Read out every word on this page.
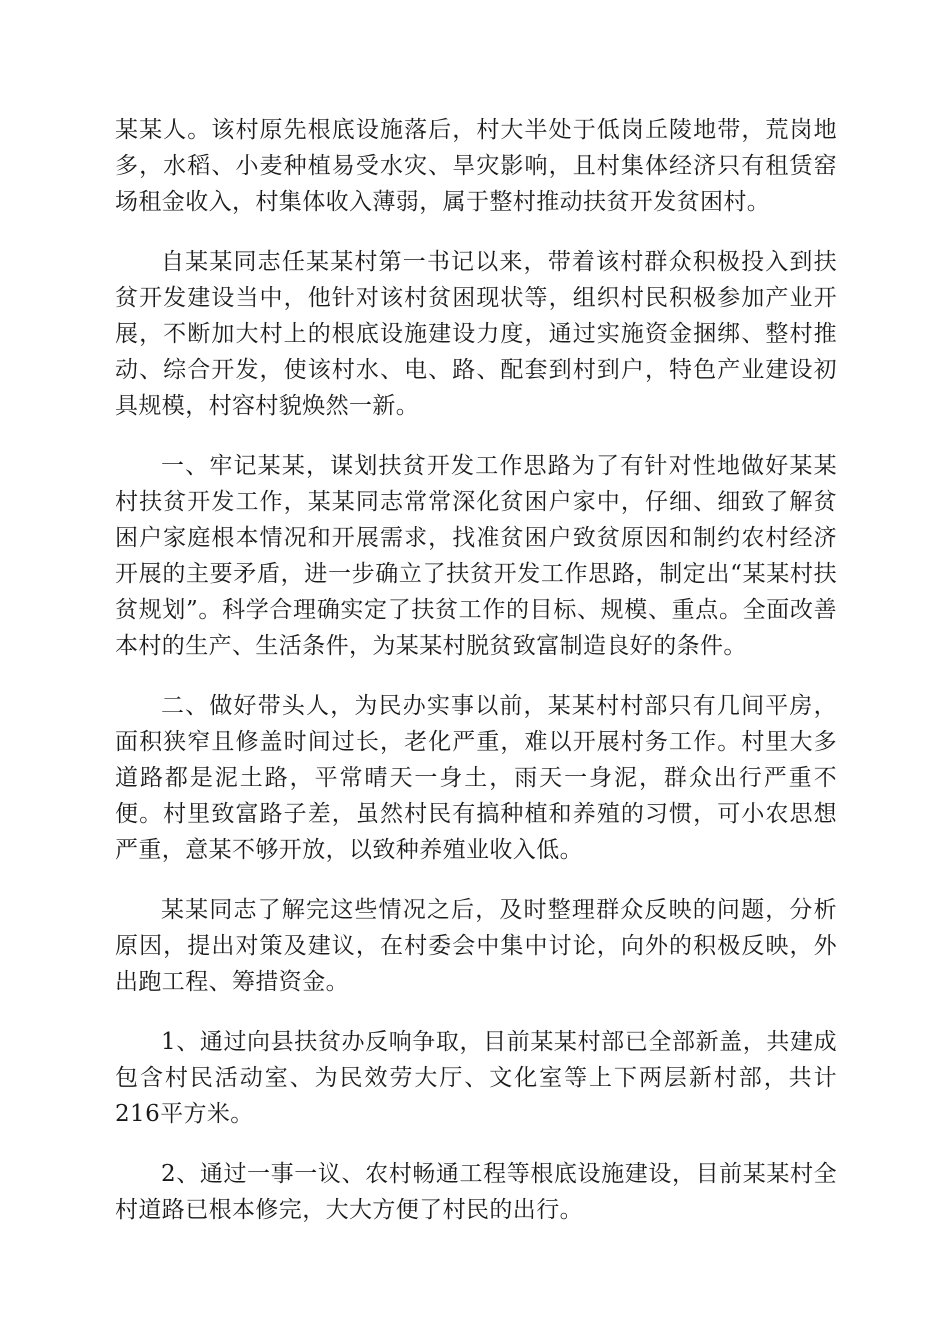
某某人。该村原先根底设施落后，村大半处于低岗丘陵地带，荒岗地多，水稻、小麦种植易受水灾、旱灾影响，且村集体经济只有租赁窑场租金收入，村集体收入薄弱，属于整村推动扶贫开发贫困村。

自某某同志任某某村第一书记以来，带着该村群众积极投入到扶贫开发建设当中，他针对该村贫困现状等，组织村民积极参加产业开展，不断加大村上的根底设施建设力度，通过实施资金捆绑、整村推动、综合开发，使该村水、电、路、配套到村到户，特色产业建设初具规模，村容村貌焕然一新。

一、牢记某某，谋划扶贫开发工作思路为了有针对性地做好某某村扶贫开发工作，某某同志常常深化贫困户家中，仔细、细致了解贫困户家庭根本情况和开展需求，找准贫困户致贫原因和制约农村经济开展的主要矛盾，进一步确立了扶贫开发工作思路，制定出“某某村扶贫规划”。科学合理确实定了扶贫工作的目标、规模、重点。全面改善本村的生产、生活条件，为某某村脱贫致富制造良好的条件。

二、做好带头人，为民办实事以前，某某村村部只有几间平房，面积狭窄且修盖时间过长，老化严重，难以开展村务工作。村里大多道路都是泥土路，平常晴天一身土，雨天一身泥，群众出行严重不便。村里致富路子差，虽然村民有搞种植和养殖的习惯，可小农思想严重，意某不够开放，以致种养殖业收入低。

某某同志了解完这些情况之后，及时整理群众反映的问题，分析原因，提出对策及建议，在村委会中集中讨论，向外的积极反映，外出跑工程、筹措资金。

1、通过向县扶贫办反响争取，目前某某村部已全部新盖，共建成包含村民活动室、为民效劳大厅、文化室等上下两层新村部，共计216平方米。

2、通过一事一议、农村畅通工程等根底设施建设，目前某某村全村道路已根本修完，大大方便了村民的出行。
